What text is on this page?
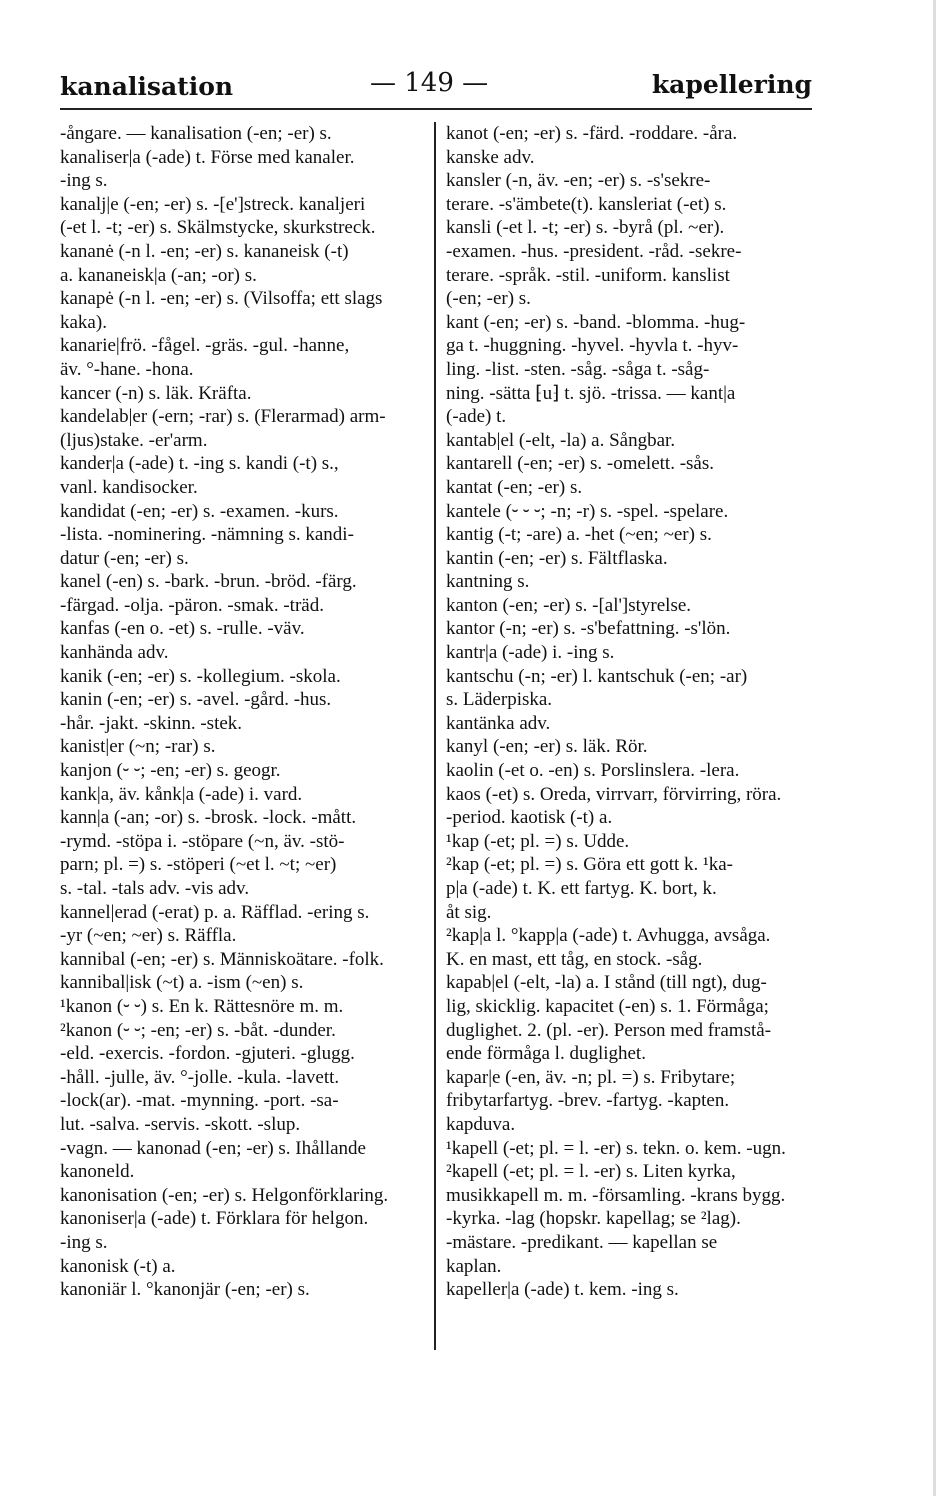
kanalisation	— 149 —	kapellering
-ångare. — kanalisation (-en; -er) s.
kanaliser|a (-ade) t. Förse med kanaler.
-ing s.
kanalj|e (-en; -er) s. -[e']streck. kanaljeri
(-et l. -t; -er) s. Skälmstycke, skurkstreck.
kananė (-n l. -en; -er) s. kananeisk (-t)
a. kananeisk|a (-an; -or) s.
kanapė (-n l. -en; -er) s. (Vilsoffa; ett slags
kaka).
kanarie|frö. -fågel. -gräs. -gul. -hanne,
äv. °-hane. -hona.
kancer (-n) s. läk. Kräfta.
kandelab|er (-ern; -rar) s. (Flerarmad) arm-
(ljus)stake. -er'arm.
kander|a (-ade) t. -ing s. kandi (-t) s.,
vanl. kandisocker.
kandidat (-en; -er) s. -examen. -kurs.
-lista. -nominering. -nämning s. kandi-
datur (-en; -er) s.
kanel (-en) s. -bark. -brun. -bröd. -färg.
-färgad. -olja. -päron. -smak. -träd.
kanfas (-en o. -et) s. -rulle. -väv.
kanhända adv.
kanik (-en; -er) s. -kollegium. -skola.
kanin (-en; -er) s. -avel. -gård. -hus.
-hår. -jakt. -skinn. -stek.
kanist|er (~n; -rar) s.
kanjon (⏑ ⏑; -en; -er) s. geogr.
kank|a, äv. kånk|a (-ade) i. vard.
kann|a (-an; -or) s. -brosk. -lock. -mått.
-rymd. -stöpa i. -stöpare (~n, äv. -stö-
parn; pl. =) s. -stöperi (~et l. ~t; ~er)
s. -tal. -tals adv. -vis adv.
kannel|erad (-erat) p. a. Räfflad. -ering s.
-yr (~en; ~er) s. Räffla.
kannibal (-en; -er) s. Människoätare. -folk.
kannibal|isk (~t) a. -ism (~en) s.
¹kanon (⏑ ⏑) s. En k. Rättesnöre m. m.
²kanon (⏑ ⏑; -en; -er) s. -båt. -dunder.
-eld. -exercis. -fordon. -gjuteri. -glugg.
-håll. -julle, äv. °-jolle. -kula. -lavett.
-lock(ar). -mat. -mynning. -port. -sa-
lut. -salva. -servis. -skott. -slup.
-vagn. — kanonad (-en; -er) s. Ihållande
kanoneld.
kanonisation (-en; -er) s. Helgonförklaring.
kanoniser|a (-ade) t. Förklara för helgon.
-ing s.
kanonisk (-t) a.
kanoniär l. °kanonjär (-en; -er) s.
kanot (-en; -er) s. -färd. -roddare. -åra.
kanske adv.
kansler (-n, äv. -en; -er) s. -s'sekre-
terare. -s'ämbete(t). kansleriat (-et) s.
kansli (-et l. -t; -er) s. -byrå (pl. ~er).
-examen. -hus. -president. -råd. -sekre-
terare. -språk. -stil. -uniform. kanslist
(-en; -er) s.
kant (-en; -er) s. -band. -blomma. -hug-
ga t. -huggning. -hyvel. -hyvla t. -hyv-
ling. -list. -sten. -såg. -såga t. -såg-
ning. -sätta ⁅u⁆ t. sjö. -trissa. — kant|a
(-ade) t.
kantab|el (-elt, -la) a. Sångbar.
kantarell (-en; -er) s. -omelett. -sås.
kantat (-en; -er) s.
kantele (⏑ ⏑ ⏑; -n; -r) s. -spel. -spelare.
kantig (-t; -are) a. -het (~en; ~er) s.
kantin (-en; -er) s. Fältflaska.
kantning s.
kanton (-en; -er) s. -[al']styrelse.
kantor (-n; -er) s. -s'befattning. -s'lön.
kantr|a (-ade) i. -ing s.
kantschu (-n; -er) l. kantschuk (-en; -ar)
s. Läderpiska.
kantänka adv.
kanyl (-en; -er) s. läk. Rör.
kaolin (-et o. -en) s. Porslinslera. -lera.
kaos (-et) s. Oreda, virrvarr, förvirring, röra.
-period. kaotisk (-t) a.
¹kap (-et; pl. =) s. Udde.
²kap (-et; pl. =) s. Göra ett gott k. ¹ka-
p|a (-ade) t. K. ett fartyg. K. bort, k.
åt sig.
²kap|a l. °kapp|a (-ade) t. Avhugga, avsåga.
K. en mast, ett tåg, en stock. -såg.
kapab|el (-elt, -la) a. I stånd (till ngt), dug-
lig, skicklig. kapacitet (-en) s. 1. Förmåga;
duglighet. 2. (pl. -er). Person med framstå-
ende förmåga l. duglighet.
kapar|e (-en, äv. -n; pl. =) s. Fribytare;
fribytarfartyg. -brev. -fartyg. -kapten.
kapduva.
¹kapell (-et; pl. = l. -er) s. tekn. o. kem. -ugn.
²kapell (-et; pl. = l. -er) s. Liten kyrka,
musikkapell m. m. -församling. -krans bygg.
-kyrka. -lag (hopskr. kapellag; se ²lag).
-mästare. -predikant. — kapellan se
kaplan.
kapeller|a (-ade) t. kem. -ing s.
